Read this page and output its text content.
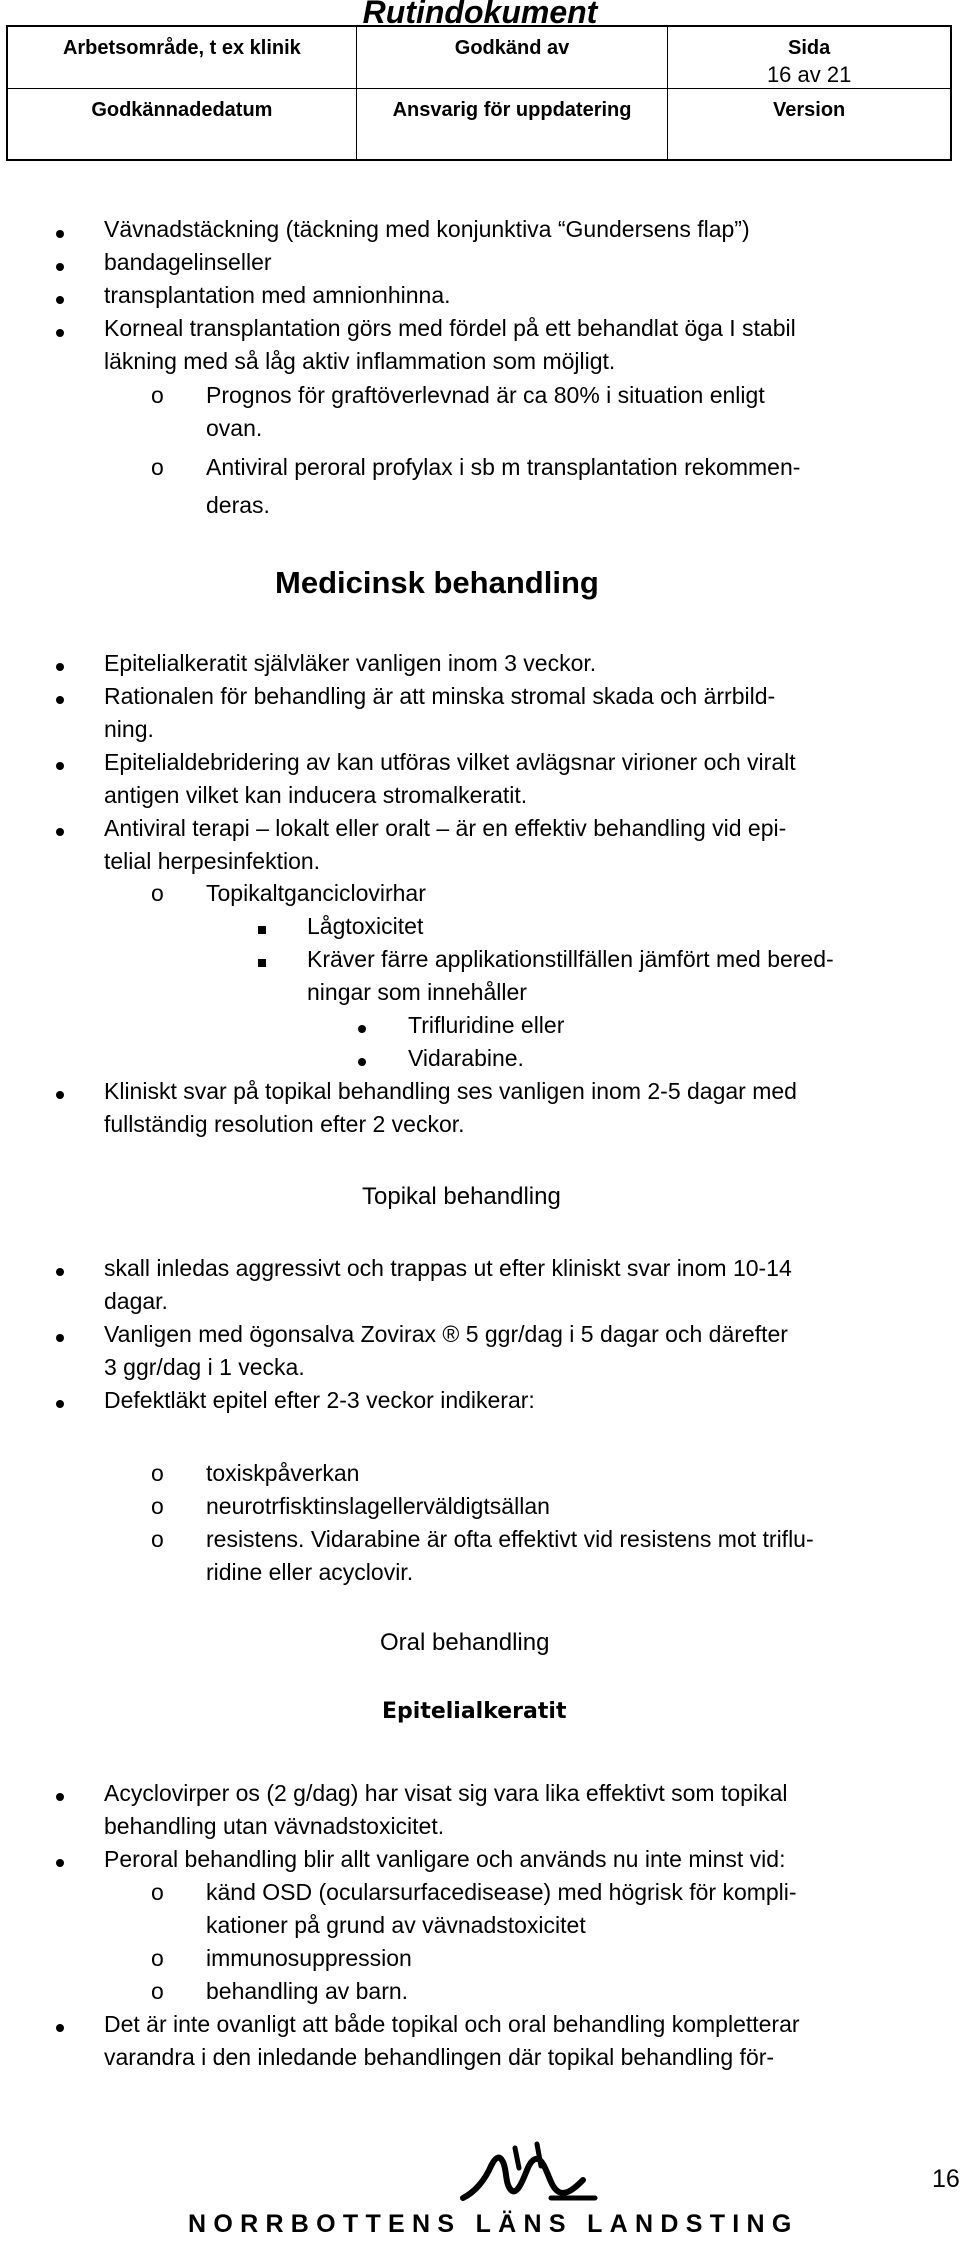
Rutindokument
Arbetsområde, t ex klinik	Godkänd av	Sida
16 av 21

Godkännadedatum	Ansvarig för uppdatering	Version
Vävnadstäckning (täckning med konjunktiva “Gundersens flap”)
bandagelinseller
transplantation med amnionhinna.
Korneal transplantation görs med fördel på ett behandlat öga I stabil
läkning med så låg aktiv inflammation som möjligt.
o Prognos för graftöverlevnad är ca 80% i situation enligt
ovan.
o Antiviral peroral profylax i sb m transplantation rekommen-
deras.
Medicinsk behandling
Epitelialkeratit självläker vanligen inom 3 veckor.
Rationalen för behandling är att minska stromal skada och ärrbild-
ning.
Epitelialdebridering av kan utföras vilket avlägsnar virioner och viralt
antigen vilket kan inducera stromalkeratit.
Antiviral terapi – lokalt eller oralt – är en effektiv behandling vid epi-
telial herpesinfektion.
o Topikaltganciclovirhar
Lågtoxicitet
Kräver färre applikationstillfällen jämfört med bered-
ningar som innehåller
Trifluridine eller
Vidarabine.
Kliniskt svar på topikal behandling ses vanligen inom 2-5 dagar med
fullständig resolution efter 2 veckor.
Topikal behandling
skall inledas aggressivt och trappas ut efter kliniskt svar inom 10-14
dagar.
Vanligen med ögonsalva Zovirax ® 5 ggr/dag i 5 dagar och därefter
3 ggr/dag i 1 vecka.
Defektläkt epitel efter 2-3 veckor indikerar:
o toxiskpåverkan
o neurotrfisktinslagellerväldigtsällan
o resistens. Vidarabine är ofta effektivt vid resistens mot triflu-
ridine eller acyclovir.
Oral behandling
Epitelialkeratit
Acyclovirper os (2 g/dag) har visat sig vara lika effektivt som topikal
behandling utan vävnadstoxicitet.
Peroral behandling blir allt vanligare och används nu inte minst vid:
o känd OSD (ocularsurfacedisease) med högrisk för kompli-
kationer på grund av vävnadstoxicitet
o immunosuppression
o behandling av barn.
Det är inte ovanligt att både topikal och oral behandling kompletterar
varandra i den inledande behandlingen där topikal behandling för-
NORRBOTTENS LÄNS LANDSTING
16
